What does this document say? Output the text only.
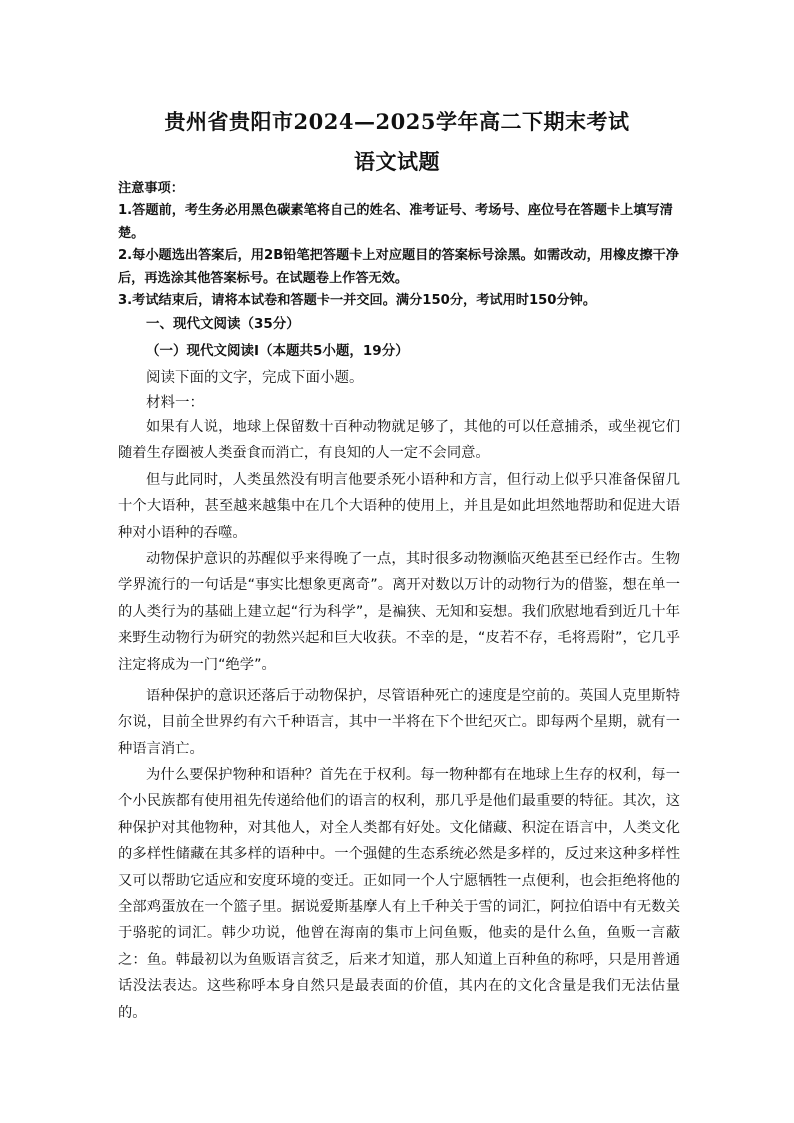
贵州省贵阳市2024—2025学年高二下期末考试
语文试题

注意事项：

1.答题前，考生务必用黑色碳素笔将自己的姓名、准考证号、考场号、座位号在答题卡上填写清楚。

2.每小题选出答案后，用2B铅笔把答题卡上对应题目的答案标号涂黑。如需改动，用橡皮擦干净后，再选涂其他答案标号。在试题卷上作答无效。

3.考试结束后，请将本试卷和答题卡一并交回。满分150分，考试用时150分钟。

一、现代文阅读（35分）
（一）现代文阅读Ⅰ（本题共5小题，19分）
阅读下面的文字，完成下面小题。
材料一：

如果有人说，地球上保留数十百种动物就足够了，其他的可以任意捕杀，或坐视它们随着生存圈被人类蚕食而消亡，有良知的人一定不会同意。

但与此同时，人类虽然没有明言他要杀死小语种和方言，但行动上似乎只准备保留几十个大语种，甚至越来越集中在几个大语种的使用上，并且是如此坦然地帮助和促进大语种对小语种的吞噬。

动物保护意识的苏醒似乎来得晚了一点，其时很多动物濒临灭绝甚至已经作古。生物学界流行的一句话是“事实比想象更离奇”。离开对数以万计的动物行为的借鉴，想在单一的人类行为的基础上建立起“行为科学”，是褊狭、无知和妄想。我们欣慰地看到近几十年来野生动物行为研究的勃然兴起和巨大收获。不幸的是，“皮若不存，毛将焉附”，它几乎注定将成为一门“绝学”。

语种保护的意识还落后于动物保护，尽管语种死亡的速度是空前的。英国人克里斯特尔说，目前全世界约有六千种语言，其中一半将在下个世纪灭亡。即每两个星期，就有一种语言消亡。

为什么要保护物种和语种？首先在于权利。每一物种都有在地球上生存的权利，每一个小民族都有使用祖先传递给他们的语言的权利，那几乎是他们最重要的特征。其次，这种保护对其他物种，对其他人，对全人类都有好处。文化储藏、积淀在语言中，人类文化的多样性储藏在其多样的语种中。一个强健的生态系统必然是多样的，反过来这种多样性又可以帮助它适应和安度环境的变迁。正如同一个人宁愿牺牲一点便利，也会拒绝将他的全部鸡蛋放在一个篮子里。据说爱斯基摩人有上千种关于雪的词汇，阿拉伯语中有无数关于骆驼的词汇。韩少功说，他曾在海南的集市上问鱼贩，他卖的是什么鱼，鱼贩一言蔽之：鱼。韩最初以为鱼贩语言贫乏，后来才知道，那人知道上百种鱼的称呼，只是用普通话没法表达。这些称呼本身自然只是最表面的价值，其内在的文化含量是我们无法估量的。
